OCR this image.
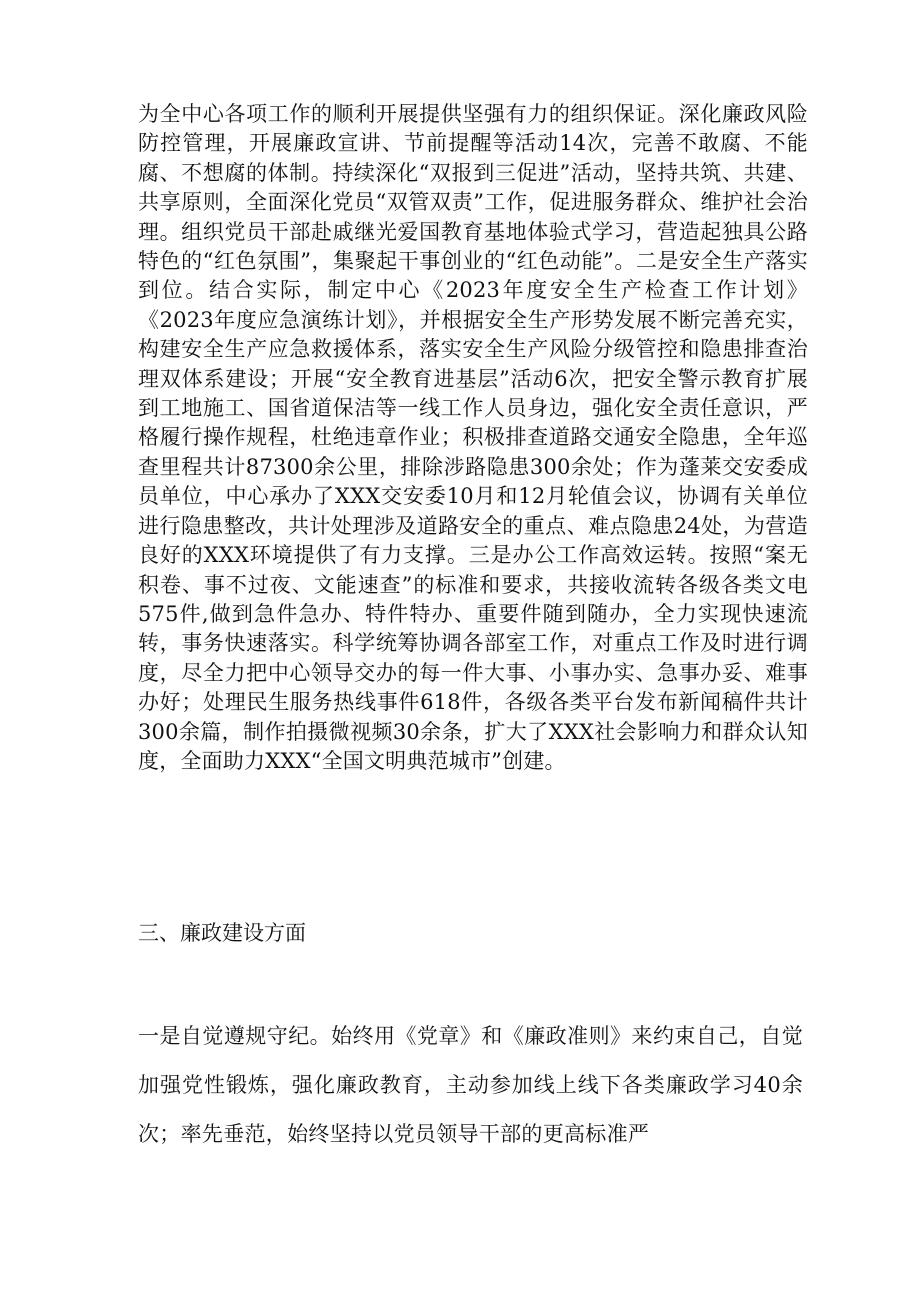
为全中心各项工作的顺利开展提供坚强有力的组织保证。深化廉政风险防控管理，开展廉政宣讲、节前提醒等活动14次，完善不敢腐、不能腐、不想腐的体制。持续深化“双报到三促进”活动，坚持共筑、共建、共享原则，全面深化党员“双管双责”工作，促进服务群众、维护社会治理。组织党员干部赴戚继光爱国教育基地体验式学习，营造起独具公路特色的“红色氛围”，集聚起干事创业的“红色动能”。二是安全生产落实到位。结合实际，制定中心《2023年度安全生产检查工作计划》《2023年度应急演练计划》，并根据安全生产形势发展不断完善充实，构建安全生产应急救援体系，落实安全生产风险分级管控和隐患排查治理双体系建设；开展“安全教育进基层”活动6次，把安全警示教育扩展到工地施工、国省道保洁等一线工作人员身边，强化安全责任意识，严格履行操作规程，杜绝违章作业；积极排查道路交通安全隐患，全年巡查里程共计87300余公里，排除涉路隐患300余处；作为蓬莱交安委成员单位，中心承办了XXX交安委10月和12月轮值会议，协调有关单位进行隐患整改，共计处理涉及道路安全的重点、难点隐患24处，为营造良好的XXX环境提供了有力支撑。三是办公工作高效运转。按照“案无积卷、事不过夜、文能速查”的标准和要求，共接收流转各级各类文电575件,做到急件急办、特件特办、重要件随到随办，全力实现快速流转，事务快速落实。科学统筹协调各部室工作，对重点工作及时进行调度，尽全力把中心领导交办的每一件大事、小事办实、急事办妥、难事办好；处理民生服务热线事件618件，各级各类平台发布新闻稿件共计300余篇，制作拍摄微视频30余条，扩大了XXX社会影响力和群众认知度，全面助力XXX“全国文明典范城市”创建。

三、廉政建设方面

一是自觉遵规守纪。始终用《党章》和《廉政准则》来约束自己，自觉加强党性锻炼，强化廉政教育，主动参加线上线下各类廉政学习40余次；率先垂范，始终坚持以党员领导干部的更高标准严
